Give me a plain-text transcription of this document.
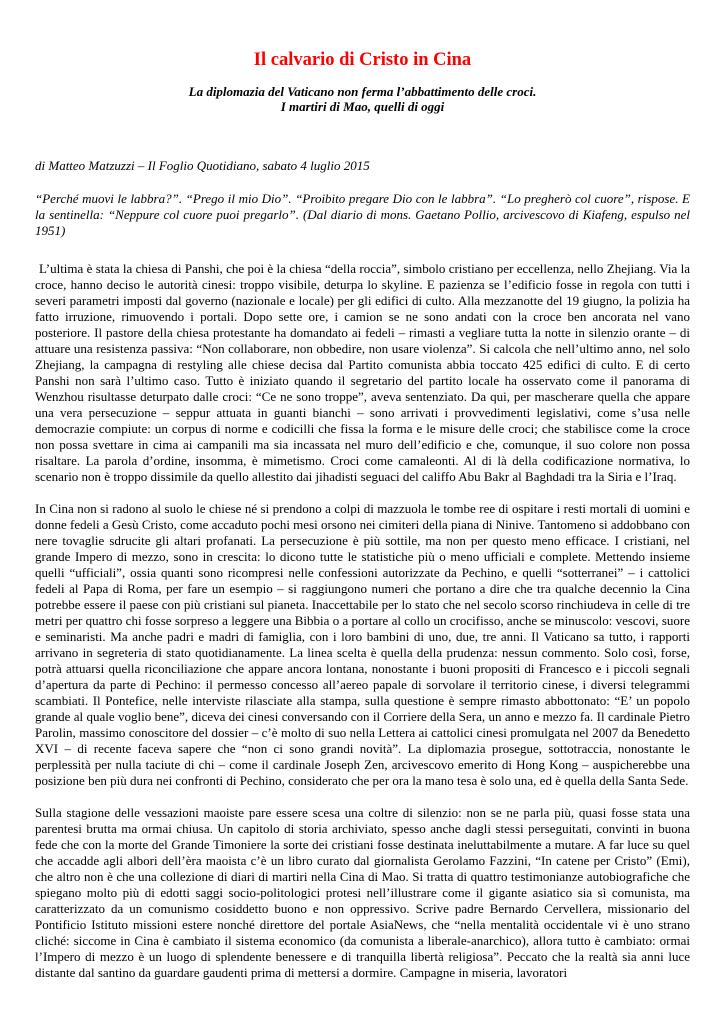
Il calvario di Cristo in Cina
La diplomazia del Vaticano non ferma l’abbattimento delle croci.
I martiri di Mao, quelli di oggi
di Matteo Matzuzzi – Il Foglio Quotidiano, sabato 4 luglio 2015
“Perché muovi le labbra?”. “Prego il mio Dio”. “Proibito pregare Dio con le labbra”. “Lo pregherò col cuore”, rispose. E la sentinella: “Neppure col cuore puoi pregarlo”. (Dal diario di mons. Gaetano Pollio, arcivescovo di Kiafeng, espulso nel 1951)

L’ultima è stata la chiesa di Panshi, che poi è la chiesa “della roccia”, simbolo cristiano per eccellenza, nello Zhejiang. Via la croce, hanno deciso le autorità cinesi: troppo visibile, deturpa lo skyline. E pazienza se l’edificio fosse in regola con tutti i severi parametri imposti dal governo (nazionale e locale) per gli edifici di culto. Alla mezzanotte del 19 giugno, la polizia ha fatto irruzione, rimuovendo i portali. Dopo sette ore, i camion se ne sono andati con la croce ben ancorata nel vano posteriore. Il pastore della chiesa protestante ha domandato ai fedeli – rimasti a vegliare tutta la notte in silenzio orante – di attuare una resistenza passiva: “Non collaborare, non obbedire, non usare violenza”. Si calcola che nell’ultimo anno, nel solo Zhejiang, la campagna di restyling alle chiese decisa dal Partito comunista abbia toccato 425 edifici di culto. E di certo Panshi non sarà l’ultimo caso. Tutto è iniziato quando il segretario del partito locale ha osservato come il panorama di Wenzhou risultasse deturpato dalle croci: “Ce ne sono troppe”, aveva sentenziato. Da qui, per mascherare quella che appare una vera persecuzione – seppur attuata in guanti bianchi – sono arrivati i provvedimenti legislativi, come s’usa nelle democrazie compiute: un corpus di norme e codicilli che fissa la forma e le misure delle croci; che stabilisce come la croce non possa svettare in cima ai campanili ma sia incassata nel muro dell’edificio e che, comunque, il suo colore non possa risaltare. La parola d’ordine, insomma, è mimetismo. Croci come camaleonti. Al di là della codificazione normativa, lo scenario non è troppo dissimile da quello allestito dai jihadisti seguaci del califfo Abu Bakr al Baghdadi tra la Siria e l’Iraq.

In Cina non si radono al suolo le chiese né si prendono a colpi di mazzuola le tombe ree di ospitare i resti mortali di uomini e donne fedeli a Gesù Cristo, come accaduto pochi mesi orsono nei cimiteri della piana di Ninive. Tantomeno si addobbano con nere tovaglie sdrucite gli altari profanati. La persecuzione è più sottile, ma non per questo meno efficace. I cristiani, nel grande Impero di mezzo, sono in crescita: lo dicono tutte le statistiche più o meno ufficiali e complete. Mettendo insieme quelli “ufficiali”, ossia quanti sono ricompresi nelle confessioni autorizzate da Pechino, e quelli “sotterranei” – i cattolici fedeli al Papa di Roma, per fare un esempio – si raggiungono numeri che portano a dire che tra qualche decennio la Cina potrebbe essere il paese con più cristiani sul pianeta. Inaccettabile per lo stato che nel secolo scorso rinchiudeva in celle di tre metri per quattro chi fosse sorpreso a leggere una Bibbia o a portare al collo un crocifisso, anche se minuscolo: vescovi, suore e seminaristi. Ma anche padri e madri di famiglia, con i loro bambini di uno, due, tre anni. Il Vaticano sa tutto, i rapporti arrivano in segreteria di stato quotidianamente. La linea scelta è quella della prudenza: nessun commento. Solo così, forse, potrà attuarsi quella riconciliazione che appare ancora lontana, nonostante i buoni propositi di Francesco e i piccoli segnali d’apertura da parte di Pechino: il permesso concesso all’aereo papale di sorvolare il territorio cinese, i diversi telegrammi scambiati. Il Pontefice, nelle interviste rilasciate alla stampa, sulla questione è sempre rimasto abbottonato: “E’ un popolo grande al quale voglio bene”, diceva dei cinesi conversando con il Corriere della Sera, un anno e mezzo fa. Il cardinale Pietro Parolin, massimo conoscitore del dossier – c’è molto di suo nella Lettera ai cattolici cinesi promulgata nel 2007 da Benedetto XVI – di recente faceva sapere che “non ci sono grandi novità”. La diplomazia prosegue, sottotraccia, nonostante le perplessità per nulla taciute di chi – come il cardinale Joseph Zen, arcivescovo emerito di Hong Kong – auspicherebbe una posizione ben più dura nei confronti di Pechino, considerato che per ora la mano tesa è solo una, ed è quella della Santa Sede.

Sulla stagione delle vessazioni maoiste pare essere scesa una coltre di silenzio: non se ne parla più, quasi fosse stata una parentesi brutta ma ormai chiusa. Un capitolo di storia archiviato, spesso anche dagli stessi perseguitati, convinti in buona fede che con la morte del Grande Timoniere la sorte dei cristiani fosse destinata ineluttabilmente a mutare. A far luce su quel che accadde agli albori dell’èra maoista c’è un libro curato dal giornalista Gerolamo Fazzini, “In catene per Cristo” (Emi), che altro non è che una collezione di diari di martiri nella Cina di Mao. Si tratta di quattro testimonianze autobiografiche che spiegano molto più di edotti saggi socio-politologici protesi nell’illustrare come il gigante asiatico sia sì comunista, ma caratterizzato da un comunismo cosiddetto buono e non oppressivo. Scrive padre Bernardo Cervellera, missionario del Pontificio Istituto missioni estere nonché direttore del portale AsiaNews, che “nella mentalità occidentale vi è uno strano cliché: siccome in Cina è cambiato il sistema economico (da comunista a liberale-anarchico), allora tutto è cambiato: ormai l’Impero di mezzo è un luogo di splendente benessere e di tranquilla libertà religiosa”. Peccato che la realtà sia anni luce distante dal santino da guardare gaudenti prima di mettersi a dormire. Campagne in miseria, lavoratori
